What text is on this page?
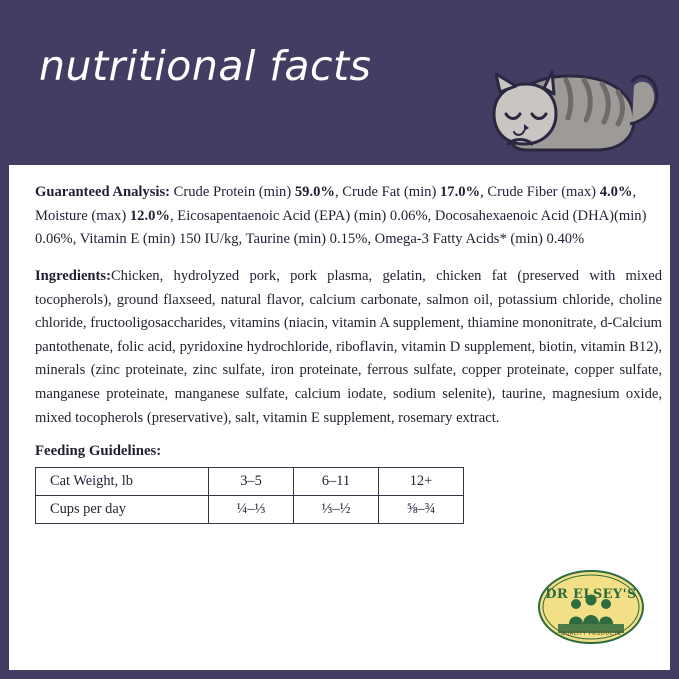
nutritional facts
Guaranteed Analysis: Crude Protein (min) 59.0%, Crude Fat (min) 17.0%, Crude Fiber (max) 4.0%, Moisture (max) 12.0%, Eicosapentaenoic Acid (EPA) (min) 0.06%, Docosahexaenoic Acid (DHA)(min) 0.06%, Vitamin E (min) 150 IU/kg, Taurine (min) 0.15%, Omega-3 Fatty Acids* (min) 0.40%
Ingredients:Chicken, hydrolyzed pork, pork plasma, gelatin, chicken fat (preserved with mixed tocopherols), ground flaxseed, natural flavor, calcium carbonate, salmon oil, potassium chloride, choline chloride, fructooligosaccharides, vitamins (niacin, vitamin A supplement, thiamine mononitrate, d-Calcium pantothenate, folic acid, pyridoxine hydrochloride, riboflavin, vitamin D supplement, biotin, vitamin B12), minerals (zinc proteinate, zinc sulfate, iron proteinate, ferrous sulfate, copper proteinate, copper sulfate, manganese proteinate, manganese sulfate, calcium iodate, sodium selenite), taurine, magnesium oxide, mixed tocopherols (preservative), salt, vitamin E supplement, rosemary extract.
Feeding Guidelines:
Cat Weight, lb	3–5	6–11	12+
Cups per day	¼–⅓	⅓–½	⅝–¾
DR ELSEY'S
QUALITY PRODUCTS
